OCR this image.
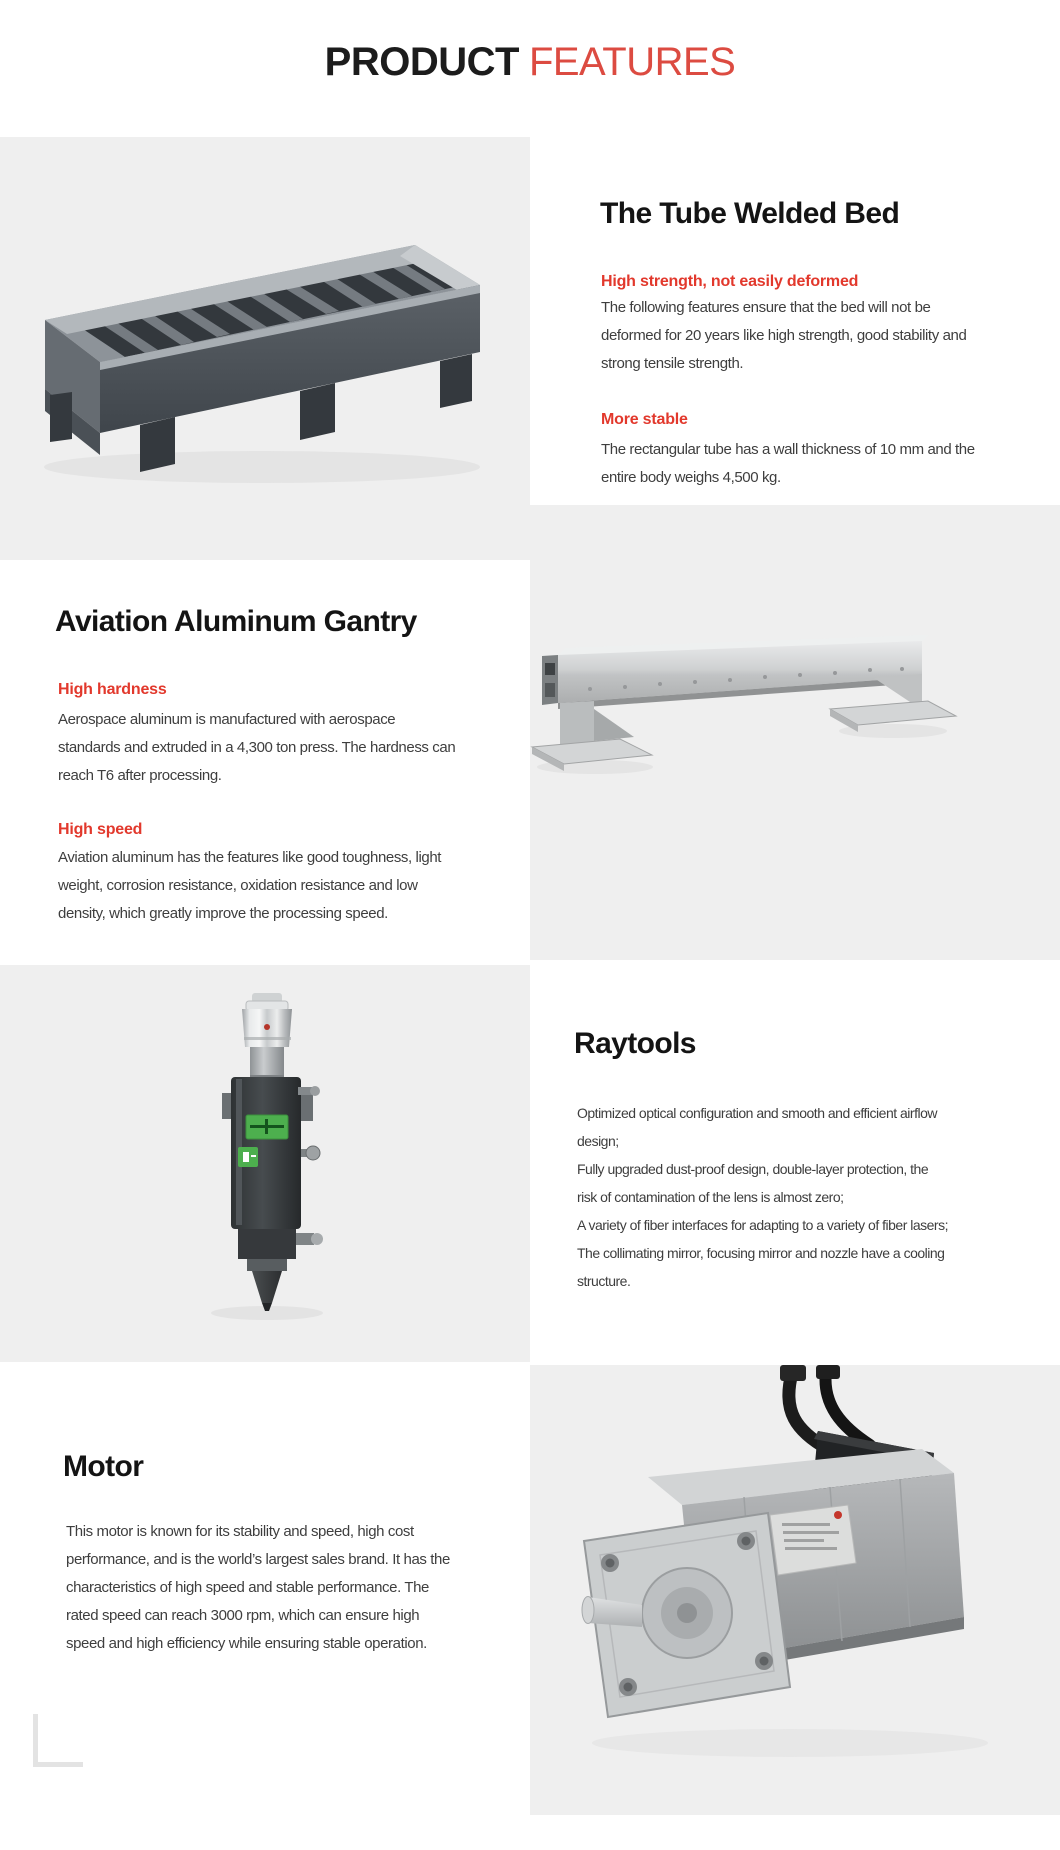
PRODUCT FEATURES
The Tube Welded Bed
High strength, not easily deformed
The following features ensure that the bed will not be
deformed for 20 years like high strength, good stability and
strong tensile strength.
More stable
The rectangular tube has a wall thickness of 10 mm and the
entire body weighs 4,500 kg.
Aviation Aluminum Gantry
High hardness
Aerospace aluminum is manufactured with aerospace
standards and extruded in a 4,300 ton press. The hardness can
reach T6 after processing.
High speed
Aviation aluminum has the features like good toughness, light
weight, corrosion resistance, oxidation resistance and low
density, which greatly improve the processing speed.
Raytools
Optimized optical configuration and smooth and efficient airflow
design;
Fully upgraded dust-proof design, double-layer protection, the
risk of contamination of the lens is almost zero;
A variety of fiber interfaces for adapting to a variety of fiber lasers;
The collimating mirror, focusing mirror and nozzle have a cooling
structure.
Motor
This motor is known for its stability and speed, high cost
performance, and is the world’s largest sales brand. It has the
characteristics of high speed and stable performance. The
rated speed can reach 3000 rpm, which can ensure high
speed and high efficiency while ensuring stable operation.
